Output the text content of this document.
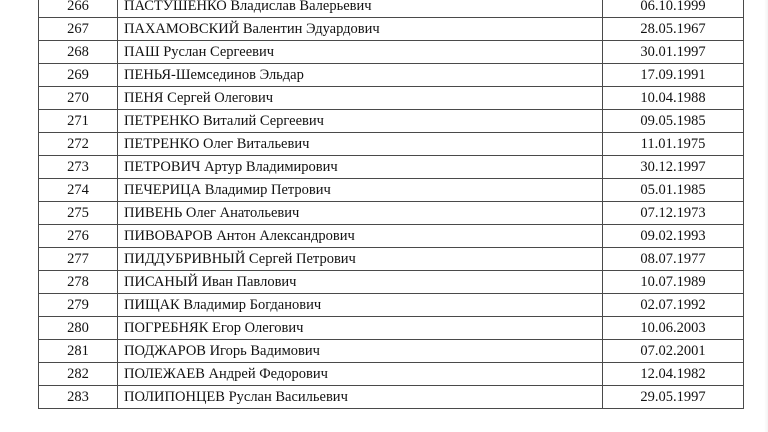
266	ПАСТУШЕНКО Владислав Валерьевич	06.10.1999
267	ПАХАМОВСКИЙ Валентин Эдуардович	28.05.1967
268	ПАШ Руслан Сергеевич	30.01.1997
269	ПЕНЬЯ-Шемсединов Эльдар	17.09.1991
270	ПЕНЯ Сергей Олегович	10.04.1988
271	ПЕТРЕНКО Виталий Сергеевич	09.05.1985
272	ПЕТРЕНКО Олег Витальевич	11.01.1975
273	ПЕТРОВИЧ Артур Владимирович	30.12.1997
274	ПЕЧЕРИЦА Владимир Петрович	05.01.1985
275	ПИВЕНЬ Олег Анатольевич	07.12.1973
276	ПИВОВАРОВ Антон Александрович	09.02.1993
277	ПИДДУБРИВНЫЙ Сергей Петрович	08.07.1977
278	ПИСАНЫЙ Иван Павлович	10.07.1989
279	ПИЩАК Владимир Богданович	02.07.1992
280	ПОГРЕБНЯК Егор Олегович	10.06.2003
281	ПОДЖАРОВ Игорь Вадимович	07.02.2001
282	ПОЛЕЖАЕВ Андрей Федорович	12.04.1982
283	ПОЛИПОНЦЕВ Руслан Васильевич	29.05.1997
